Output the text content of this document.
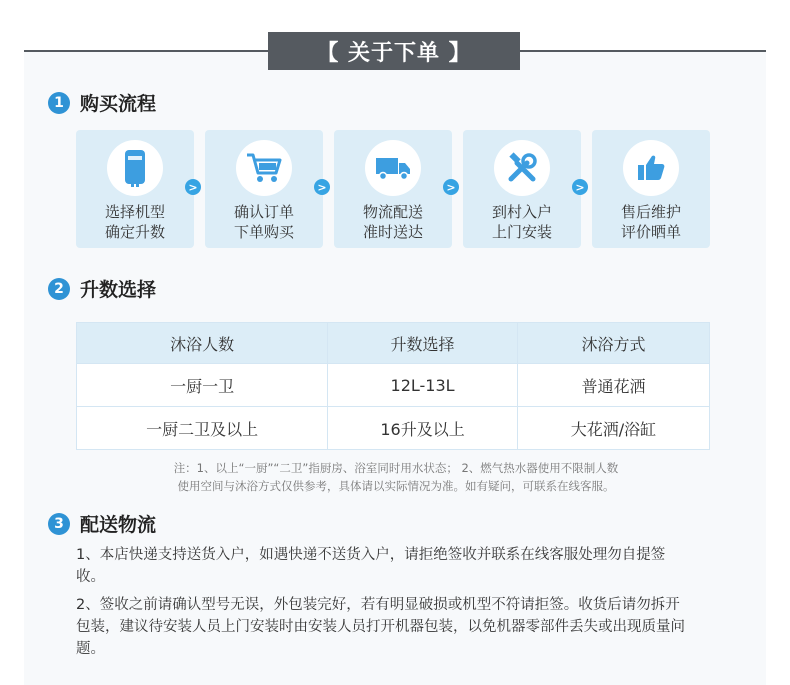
【 关于下单 】
1 购买流程
选择机型
确定升数
>
确认订单
下单购买
>
物流配送
准时送达
>
到村入户
上门安装
>
售后维护
评价晒单
2 升数选择
沐浴人数	升数选择	沐浴方式
一厨一卫	12L-13L	普通花洒
一厨二卫及以上	16升及以上	大花洒/浴缸
注：1、以上“一厨”“二卫”指厨房、浴室同时用水状态； 2、燃气热水器使用不限制人数
使用空间与沐浴方式仅供参考，具体请以实际情况为准。如有疑问，可联系在线客服。
3 配送物流
1、本店快递支持送货入户，如遇快递不送货入户，请拒绝签收并联系在线客服处理勿自提签收。
2、签收之前请确认型号无误，外包装完好，若有明显破损或机型不符请拒签。收货后请勿拆开包装，建议待安装人员上门安装时由安装人员打开机器包装，以免机器零部件丢失或出现质量问题。
